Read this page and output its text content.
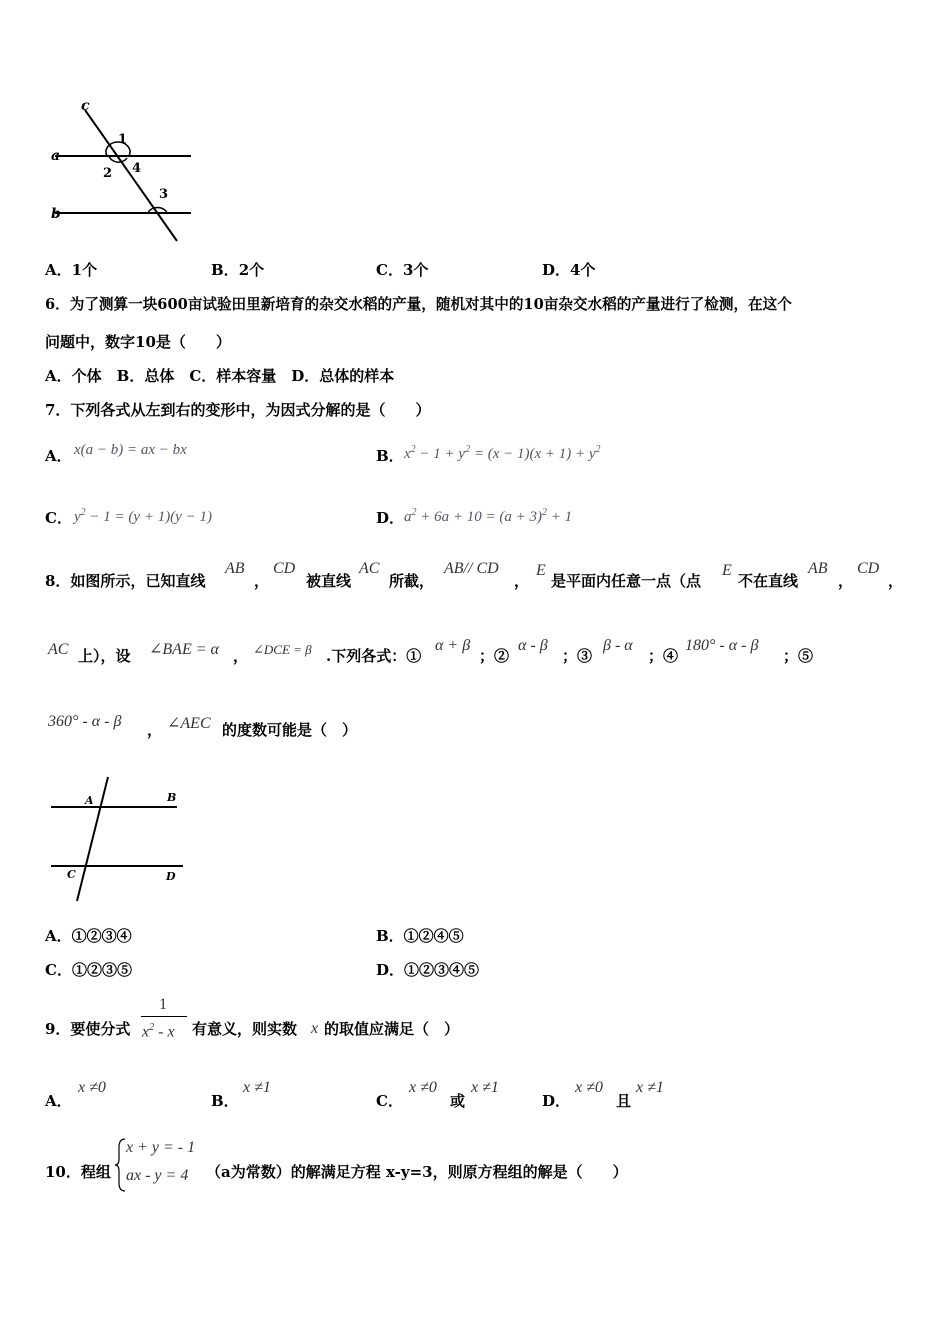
c
a
b
1
2 4
3
A．1个	B．2个	C．3个	D．4个
6．为了测算一块600亩试验田里新培育的杂交水稻的产量，随机对其中的10亩杂交水稻的产量进行了检测，在这个
问题中，数字10是（　　）
A．个体　B．总体　C．样本容量　D．总体的样本
7．下列各式从左到右的变形中，为因式分解的是（　　）
A． x(a − b) = ax − bx	B． $x^2 - 1 + y^2 = (x - 1)(x + 1) + y^2$
C． $y^2 - 1 = (y + 1)(y - 1)$	D． $a^2 + 6a + 10 = (a + 3)^2 + 1$
8．如图所示，已知直线
AB
，
CD
被直线
AC
所截，
AB// CD
，
E
是平面内任意一点（点
E
不在直线
AB
，
CD
，
AC 上），设 ∠BAE = α ， ∠DCE = β .下列各式：①
α + β
；②
α - β
；③
β - α
；④
180° - α - β
；⑤
360° - α - β ， ∠AEC 的度数可能是（　）
A	B
C	D
A．①②③④	B．①②④⑤
C．①②③⑤	D．①②③④⑤
9．要使分式
1
$x^2$ - x	有意义，则实数 x 的取值应满足（　）
A．
x ≠0
B．
x ≠1
C．
x ≠0
或
x ≠1
D．
x ≠0
且
x ≠1
10．程组
x + y = - 1
ax - y = 4 （a为常数）的解满足方程 x-y=3，则原方程组的解是（　　）
